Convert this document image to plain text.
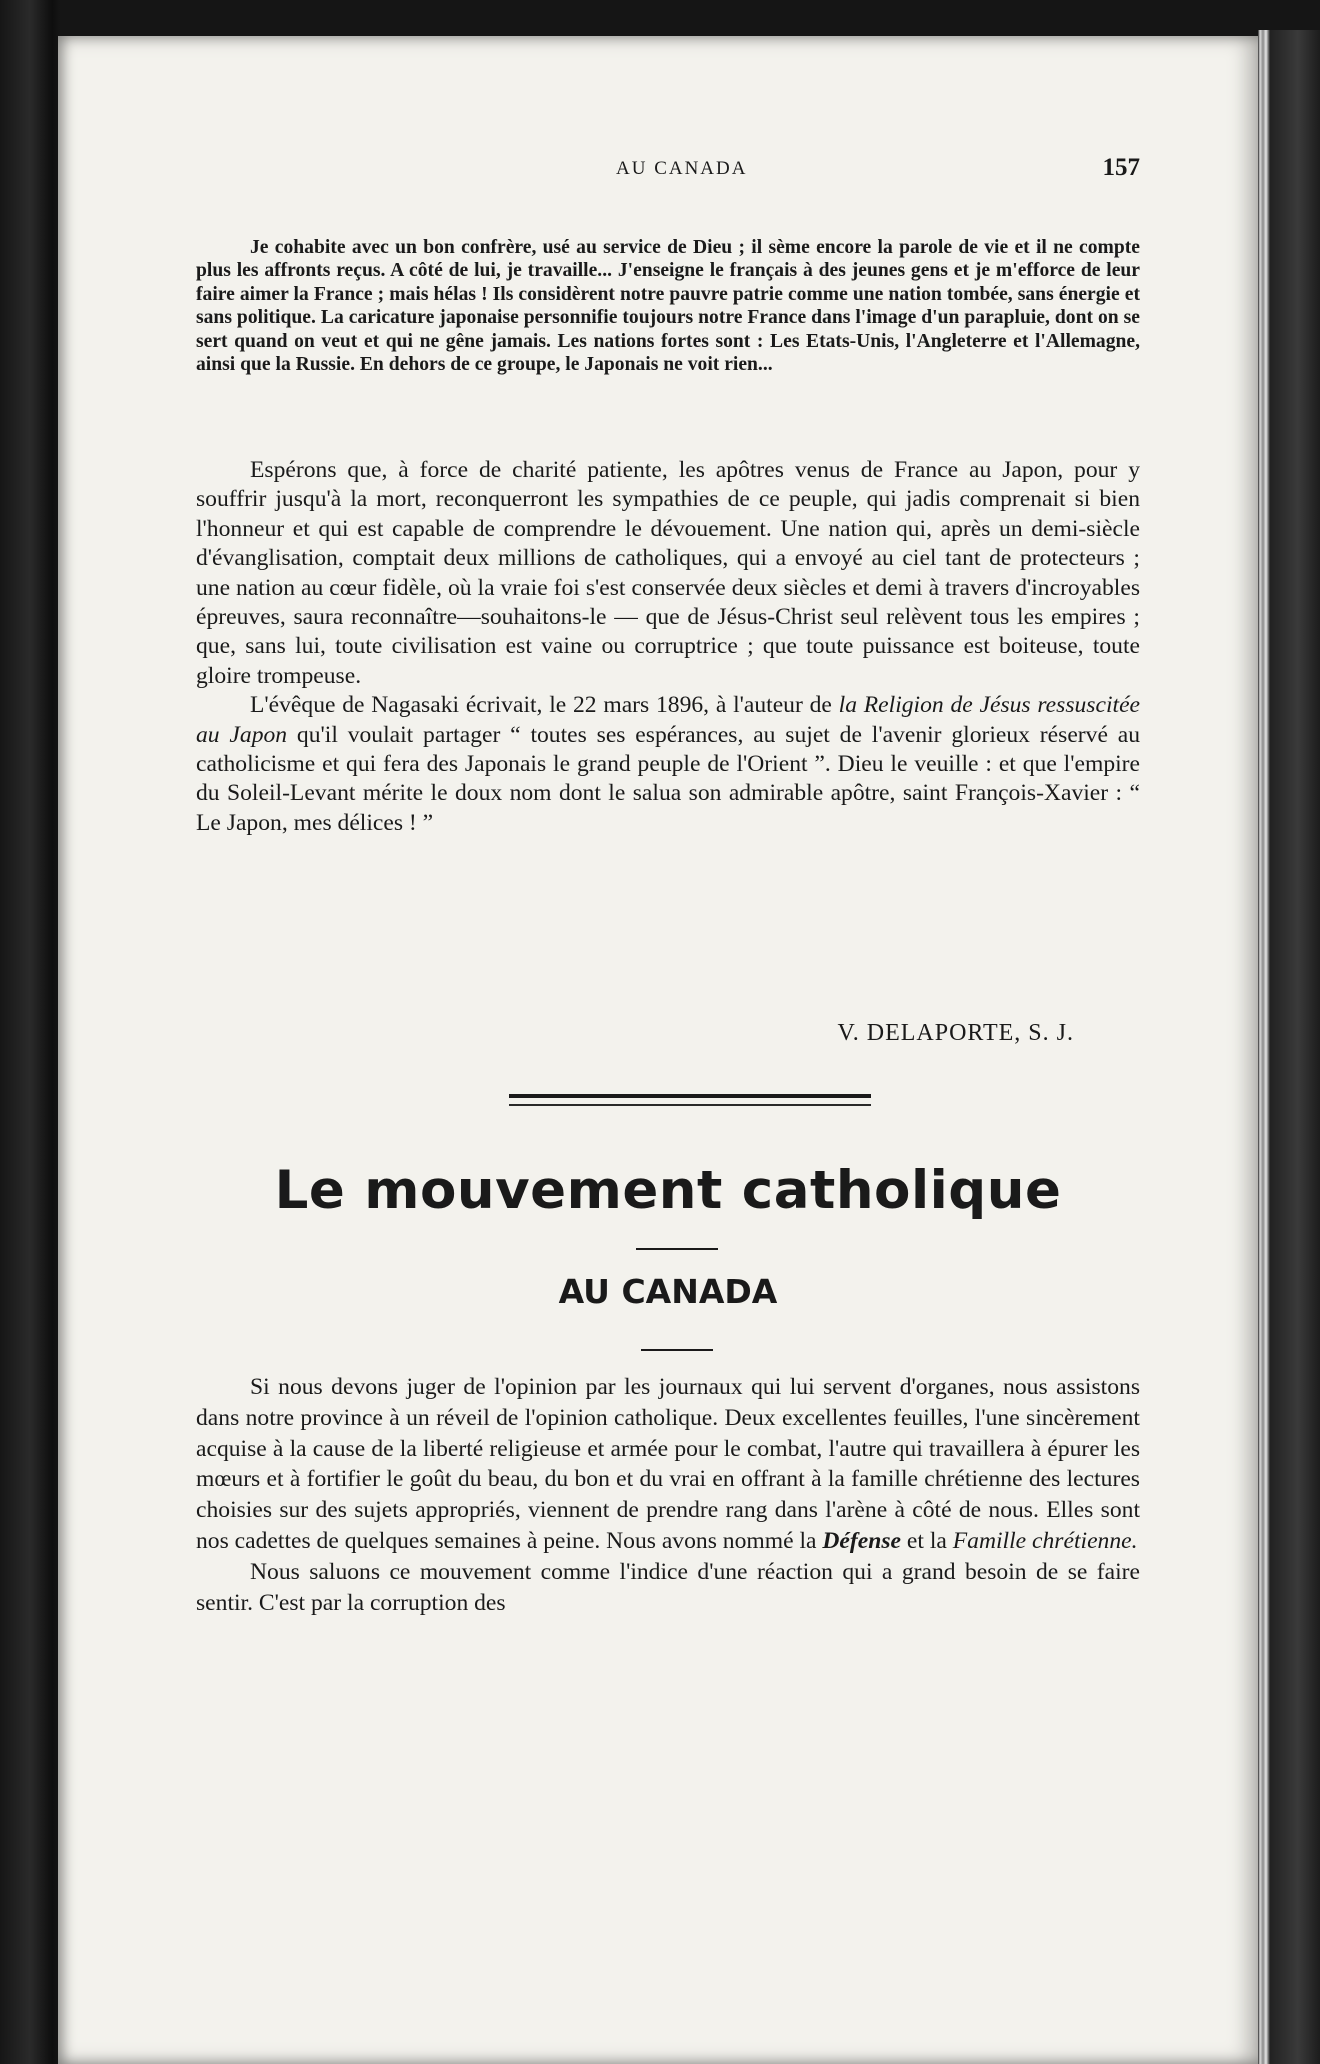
AU CANADA	157

Je cohabite avec un bon confrère, usé au service de Dieu ; il sème encore la parole de vie et il ne compte plus les affronts reçus. A côté de lui, je travaille... J'enseigne le français à des jeunes gens et je m'efforce de leur faire aimer la France ; mais hélas ! Ils considèrent notre pauvre patrie comme une nation tombée, sans énergie et sans politique. La caricature japonaise personnifie toujours notre France dans l'image d'un parapluie, dont on se sert quand on veut et qui ne gêne jamais. Les nations fortes sont : Les Etats-Unis, l'Angleterre et l'Allemagne, ainsi que la Russie. En dehors de ce groupe, le Japonais ne voit rien...

Espérons que, à force de charité patiente, les apôtres venus de France au Japon, pour y souffrir jusqu'à la mort, reconquerront les sympathies de ce peuple, qui jadis comprenait si bien l'honneur et qui est capable de comprendre le dévouement. Une nation qui, après un demi-siècle d'évanglisation, comptait deux millions de catholiques, qui a envoyé au ciel tant de protecteurs ; une nation au cœur fidèle, où la vraie foi s'est conservée deux siècles et demi à travers d'incroyables épreuves, saura reconnaître—souhaitons-le — que de Jésus-Christ seul relèvent tous les empires ; que, sans lui, toute civilisation est vaine ou corruptrice ; que toute puissance est boiteuse, toute gloire trompeuse.

L'évêque de Nagasaki écrivait, le 22 mars 1896, à l'auteur de la Religion de Jésus ressuscitée au Japon qu'il voulait partager “ toutes ses espérances, au sujet de l'avenir glorieux réservé au catholicisme et qui fera des Japonais le grand peuple de l'Orient ”. Dieu le veuille : et que l'empire du Soleil-Levant mérite le doux nom dont le salua son admirable apôtre, saint François-Xavier : “ Le Japon, mes délices ! ”

V. DELAPORTE, S. J.
Le mouvement catholique
AU CANADA

Si nous devons juger de l'opinion par les journaux qui lui servent d'organes, nous assistons dans notre province à un réveil de l'opinion catholique. Deux excellentes feuilles, l'une sincèrement acquise à la cause de la liberté religieuse et armée pour le combat, l'autre qui travaillera à épurer les mœurs et à fortifier le goût du beau, du bon et du vrai en offrant à la famille chrétienne des lectures choisies sur des sujets appropriés, viennent de prendre rang dans l'arène à côté de nous. Elles sont nos cadettes de quelques semaines à peine. Nous avons nommé la Défense et la Famille chrétienne.

Nous saluons ce mouvement comme l'indice d'une réaction qui a grand besoin de se faire sentir. C'est par la corruption des
